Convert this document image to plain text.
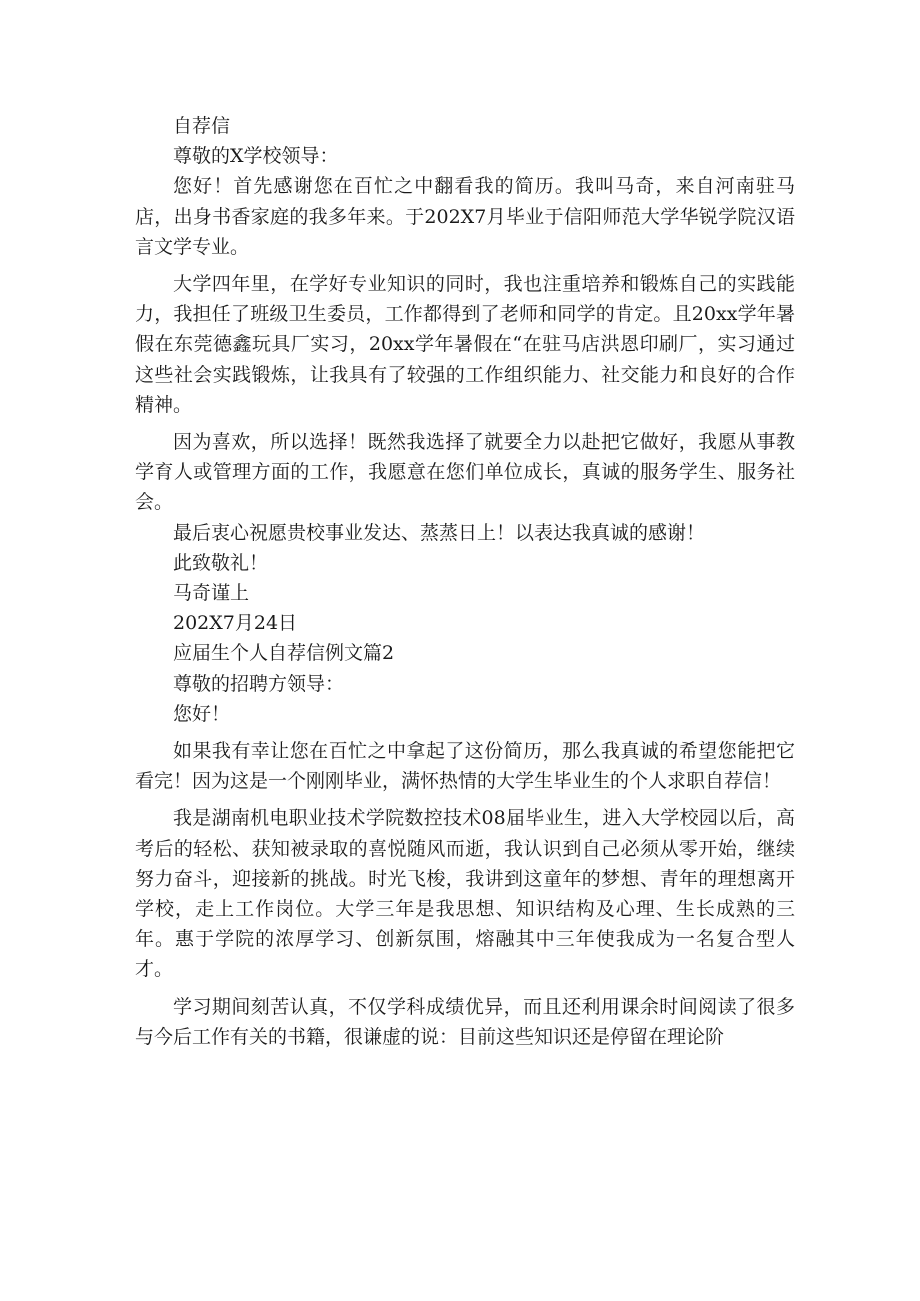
自荐信

尊敬的X学校领导：

您好！首先感谢您在百忙之中翻看我的简历。我叫马奇，来自河南驻马店，出身书香家庭的我多年来。于202X7月毕业于信阳师范大学华锐学院汉语言文学专业。

大学四年里，在学好专业知识的同时，我也注重培养和锻炼自己的实践能力，我担任了班级卫生委员，工作都得到了老师和同学的肯定。且20xx学年暑假在东莞德鑫玩具厂实习，20xx学年暑假在“在驻马店洪恩印刷厂，实习通过这些社会实践锻炼，让我具有了较强的工作组织能力、社交能力和良好的合作精神。

因为喜欢，所以选择！既然我选择了就要全力以赴把它做好，我愿从事教学育人或管理方面的工作，我愿意在您们单位成长，真诚的服务学生、服务社会。

最后衷心祝愿贵校事业发达、蒸蒸日上！以表达我真诚的感谢！

此致敬礼！

马奇谨上

202X7月24日

应届生个人自荐信例文篇2

尊敬的招聘方领导：

您好！

如果我有幸让您在百忙之中拿起了这份简历，那么我真诚的希望您能把它看完！因为这是一个刚刚毕业，满怀热情的大学生毕业生的个人求职自荐信！

我是湖南机电职业技术学院数控技术08届毕业生，进入大学校园以后，高考后的轻松、获知被录取的喜悦随风而逝，我认识到自己必须从零开始，继续努力奋斗，迎接新的挑战。时光飞梭，我讲到这童年的梦想、青年的理想离开学校，走上工作岗位。大学三年是我思想、知识结构及心理、生长成熟的三年。惠于学院的浓厚学习、创新氛围，熔融其中三年使我成为一名复合型人才。

学习期间刻苦认真，不仅学科成绩优异，而且还利用课余时间阅读了很多与今后工作有关的书籍，很谦虚的说：目前这些知识还是停留在理论阶
